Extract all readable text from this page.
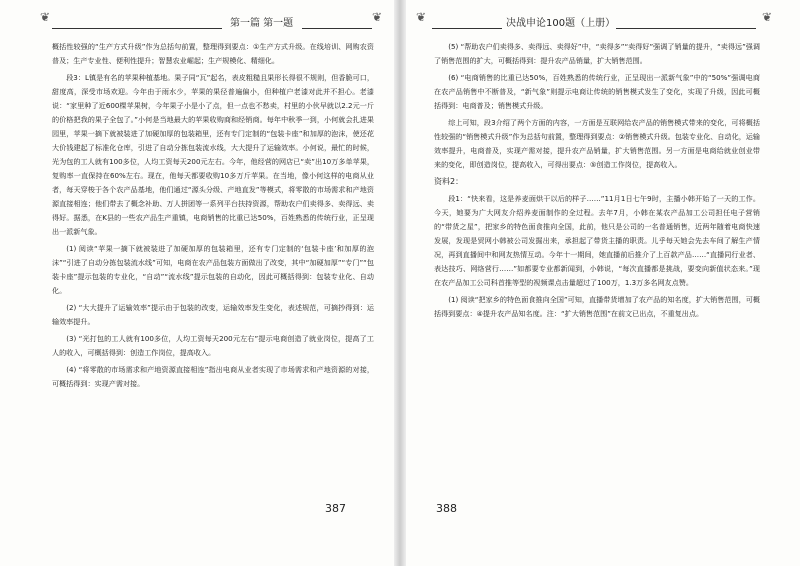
❦	第一篇 第一题	❦

概括性较强的“生产方式升级”作为总括句前置，整理得到要点：①生产方式升级。在线培训、网购农资普及；生产专业性、便利性提升；智慧农业崛起；生产规模化、精细化。

段3：L镇是有名的苹果种植基地。果子同“瓦”起名，表皮粗糙且果形长得很不规则，但香脆可口，甜度高，深受市场欢迎。今年由于雨水少，苹果的果径普遍偏小，但种植户老漆对此并不担心。老漆说：“家里种了近600棵苹果树，今年果子小是小了点，但一点也不愁卖，村里的小伙早就以2.2元一斤的价格把我的果子全包了。”小何是当地最大的苹果收购商和经销商。每年中秋季一到，小何就会扎进果园里，苹果一摘下就被装进了加硬加厚的包装箱里，还有专门定制的“包装卡座”和加厚的泡沫，使还花大价钱建起了标准化仓库，引进了自动分拣包装流水线，大大提升了运输效率。小何说，最忙的时候，光为包的工人就有100多位，人均工资每天200元左右。今年，他经营的网店已“卖”出10万多单苹果，复购率一直保持在60%左右。现在，他每天都要收购10多万斤苹果。在当地，像小何这样的电商从业者，每天穿梭于各个农产品基地，他们通过“源头分级、产地直发”等模式，将零散的市场需求和产地资源直接相连；他们带去了概念补助、万人拼团等一系列平台扶持资源，帮助农户们卖得多、卖得远、卖得好。据悉，在K县的一些农产品生产重镇，电商销售的比重已达50%，百姓熟悉的传统行业，正呈现出一派新气象。

(1) 阅读“苹果一摘下就被装进了加硬加厚的包装箱里，还有专门定制的‘包装卡座’和加厚的泡沫”“引进了自动分拣包装流水线”可知，电商在农产品包装方面做出了改变，其中“加硬加厚”“专门”“包装卡座”提示包装的专业化，“自动”“流水线”提示包装的自动化，因此可概括得到：包装专业化、自动化。

(2) “大大提升了运输效率”提示由于包装的改变，运输效率发生变化，表述规范，可摘抄得到：运输效率提升。

(3) “光打包的工人就有100多位，人均工资每天200元左右”提示电商创造了就业岗位，提高了工人的收入，可概括得到：创造工作岗位，提高收入。

(4) “将零散的市场需求和产地资源直接相连”指出电商从业者实现了市场需求和产地资源的对接，可概括得到：实现产需对接。

387
❦	决战申论100题（上册）	❦

(5) “帮助农户们卖得多、卖得远、卖得好”中，“卖得多”“卖得好”强调了销量的提升，“卖得远”强调了销售范围的扩大，可概括得到：提升农产品销量，扩大销售范围。

(6) “电商销售的比重已达50%，百姓熟悉的传统行业，正呈现出一派新气象”中的“50%”强调电商在农产品销售中不断普及，“新气象”则提示电商让传统的销售模式发生了变化，实现了升级，因此可概括得到：电商普及；销售模式升级。

综上可知，段3介绍了两个方面的内容，一方面是互联网给农产品的销售模式带来的变化，可将概括性较强的“销售模式升级”作为总括句前置，整理得到要点：②销售模式升级。包装专业化、自动化，运输效率提升，电商普及，实现产需对接，提升农产品销量，扩大销售范围。另一方面是电商给就业创业带来的变化，即创造岗位，提高收入，可得出要点：⑤创造工作岗位，提高收入。

资料2：

段1：“快来看，这是养麦面烘干以后的样子……”11月1日七午9时，主播小韩开始了一天的工作。今天，她要为广大网友介绍养麦面制作的全过程。去年7月，小韩在某农产品加工公司担任电子营销的“带货之星”，把家乡的特色面食推向全国，此前，他只是公司的一名普通销售，近两年随着电商快速发展，发现是贸网小韩被公司发掘出来，承担起了带货主播的职责。儿乎每天她会先去车间了解生产情况，再到直播间中和网友热情互动。今年十一期间，她直播前后推介了上百款产品……“直播同行业者、表达技巧、网络营行……”如都要专业都新闻到，小韩说，“每次直播都是挑战，要变向新值状态来。”现在农产品加工公司科首推等型的视频课点击量超过了100万，1.3万多名网友点赞。

(1) 阅读“把家乡的特色面食推向全国”可知，直播带货增加了农产品的知名度，扩大销售范围，可概括得到要点：④提升农产品知名度。注：“扩大销售范围”在前文已出点，不重复出点。

388
